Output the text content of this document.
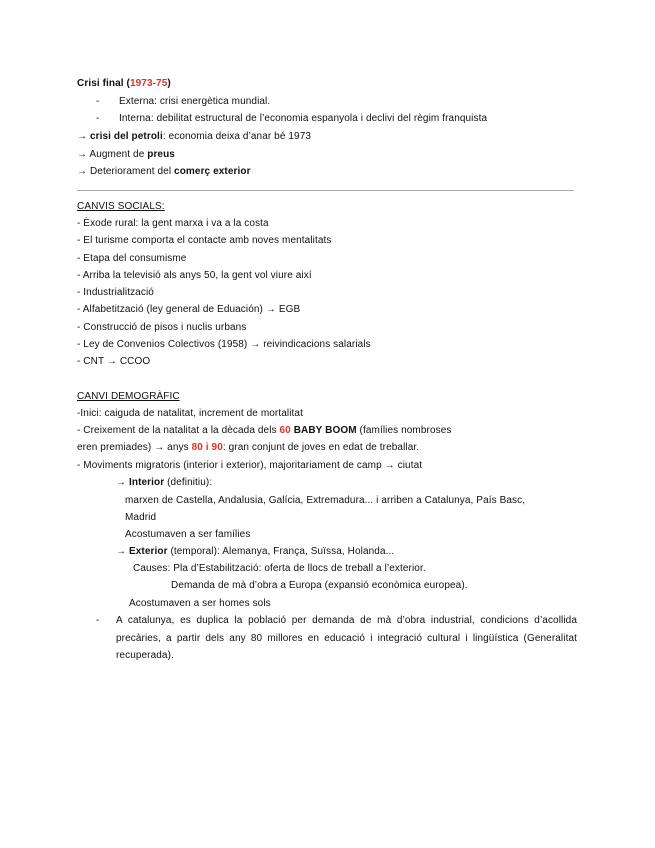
Crisi final (1973-75)
- Externa: crisi energètica mundial.
- Interna: debilitat estructural de l’economia espanyola i declivi del règim franquista
→ crisi del petroli: economia deixa d’anar bé 1973
→ Augment de preus
→ Deteriorament del comerç exterior
CANVIS SOCIALS:
- Èxode rural: la gent marxa i va a la costa
- El turisme comporta el contacte amb noves mentalitats
- Etapa del consumisme
- Arriba la televisió als anys 50, la gent vol viure així
- Industrialització
- Alfabetització (ley general de Eduación) → EGB
- Construcció de pisos i nuclis urbans
- Ley de Convenios Colectivos (1958) → reivindicacions salarials
- CNT → CCOO
CANVI DEMOGRÀFIC
-Inici: caiguda de natalitat, increment de mortalitat
- Creixement de la natalitat a la dècada dels 60 BABY BOOM (famílies nombroses
eren premiades) → anys 80 i 90: gran conjunt de joves en edat de treballar.
- Moviments migratoris (interior i exterior), majoritariament de camp → ciutat
→ Interior (definitiu):
marxen de Castella, Andalusia, Galícia, Extremadura... i arriben a Catalunya, País Basc,
Madrid
Acostumaven a ser famílies
→ Exterior (temporal): Alemanya, França, Suïssa, Holanda...
Causes: Pla d’Estabilització: oferta de llocs de treball a l’exterior.
Demanda de mà d’obra a Europa (expansió econòmica europea).
Acostumaven a ser homes sols
- A catalunya, es duplica la població per demanda de mà d’obra industrial, condicions d’acollida precàries, a partir dels any 80 millores en educació i integració cultural i lingüística (Generalitat recuperada).
